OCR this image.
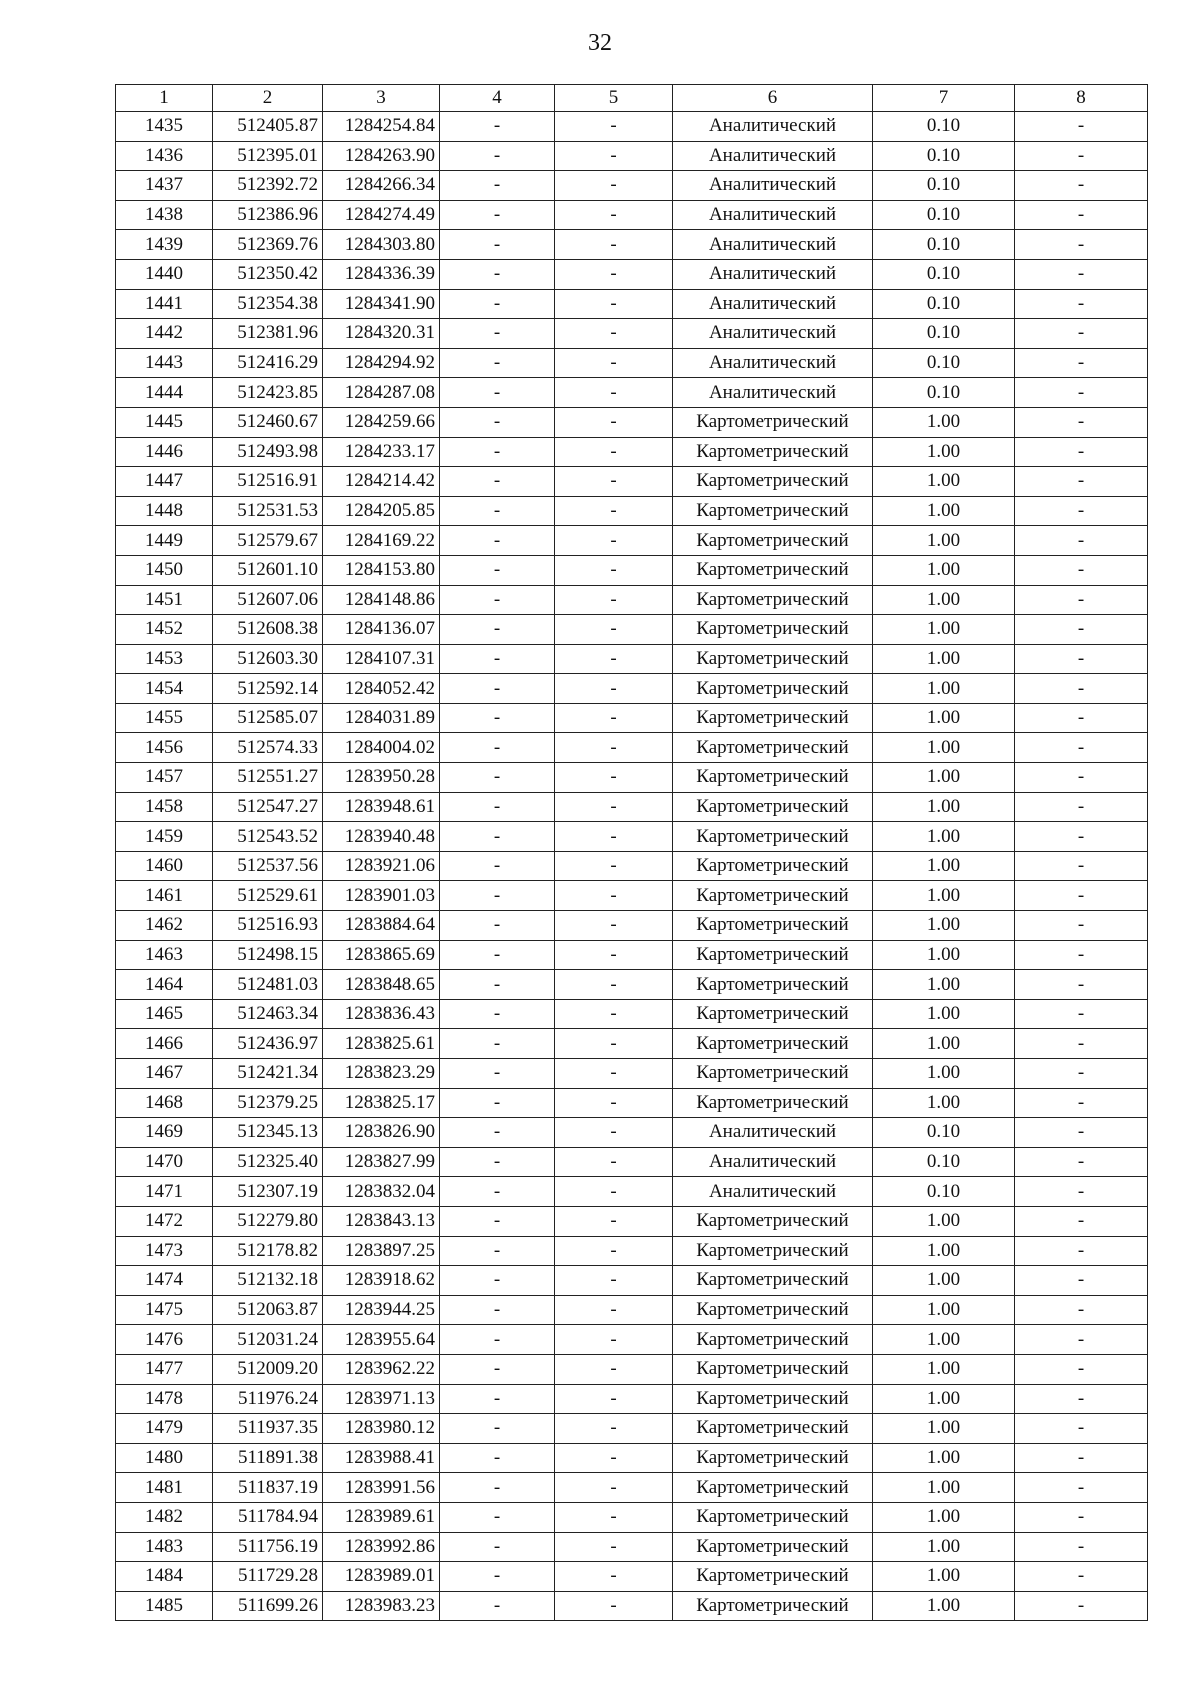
32
1	2	3	4	5	6	7	8
1435	512405.87	1284254.84	-	-	Аналитический	0.10	-
1436	512395.01	1284263.90	-	-	Аналитический	0.10	-
1437	512392.72	1284266.34	-	-	Аналитический	0.10	-
1438	512386.96	1284274.49	-	-	Аналитический	0.10	-
1439	512369.76	1284303.80	-	-	Аналитический	0.10	-
1440	512350.42	1284336.39	-	-	Аналитический	0.10	-
1441	512354.38	1284341.90	-	-	Аналитический	0.10	-
1442	512381.96	1284320.31	-	-	Аналитический	0.10	-
1443	512416.29	1284294.92	-	-	Аналитический	0.10	-
1444	512423.85	1284287.08	-	-	Аналитический	0.10	-
1445	512460.67	1284259.66	-	-	Картометрический	1.00	-
1446	512493.98	1284233.17	-	-	Картометрический	1.00	-
1447	512516.91	1284214.42	-	-	Картометрический	1.00	-
1448	512531.53	1284205.85	-	-	Картометрический	1.00	-
1449	512579.67	1284169.22	-	-	Картометрический	1.00	-
1450	512601.10	1284153.80	-	-	Картометрический	1.00	-
1451	512607.06	1284148.86	-	-	Картометрический	1.00	-
1452	512608.38	1284136.07	-	-	Картометрический	1.00	-
1453	512603.30	1284107.31	-	-	Картометрический	1.00	-
1454	512592.14	1284052.42	-	-	Картометрический	1.00	-
1455	512585.07	1284031.89	-	-	Картометрический	1.00	-
1456	512574.33	1284004.02	-	-	Картометрический	1.00	-
1457	512551.27	1283950.28	-	-	Картометрический	1.00	-
1458	512547.27	1283948.61	-	-	Картометрический	1.00	-
1459	512543.52	1283940.48	-	-	Картометрический	1.00	-
1460	512537.56	1283921.06	-	-	Картометрический	1.00	-
1461	512529.61	1283901.03	-	-	Картометрический	1.00	-
1462	512516.93	1283884.64	-	-	Картометрический	1.00	-
1463	512498.15	1283865.69	-	-	Картометрический	1.00	-
1464	512481.03	1283848.65	-	-	Картометрический	1.00	-
1465	512463.34	1283836.43	-	-	Картометрический	1.00	-
1466	512436.97	1283825.61	-	-	Картометрический	1.00	-
1467	512421.34	1283823.29	-	-	Картометрический	1.00	-
1468	512379.25	1283825.17	-	-	Картометрический	1.00	-
1469	512345.13	1283826.90	-	-	Аналитический	0.10	-
1470	512325.40	1283827.99	-	-	Аналитический	0.10	-
1471	512307.19	1283832.04	-	-	Аналитический	0.10	-
1472	512279.80	1283843.13	-	-	Картометрический	1.00	-
1473	512178.82	1283897.25	-	-	Картометрический	1.00	-
1474	512132.18	1283918.62	-	-	Картометрический	1.00	-
1475	512063.87	1283944.25	-	-	Картометрический	1.00	-
1476	512031.24	1283955.64	-	-	Картометрический	1.00	-
1477	512009.20	1283962.22	-	-	Картометрический	1.00	-
1478	511976.24	1283971.13	-	-	Картометрический	1.00	-
1479	511937.35	1283980.12	-	-	Картометрический	1.00	-
1480	511891.38	1283988.41	-	-	Картометрический	1.00	-
1481	511837.19	1283991.56	-	-	Картометрический	1.00	-
1482	511784.94	1283989.61	-	-	Картометрический	1.00	-
1483	511756.19	1283992.86	-	-	Картометрический	1.00	-
1484	511729.28	1283989.01	-	-	Картометрический	1.00	-
1485	511699.26	1283983.23	-	-	Картометрический	1.00	-
